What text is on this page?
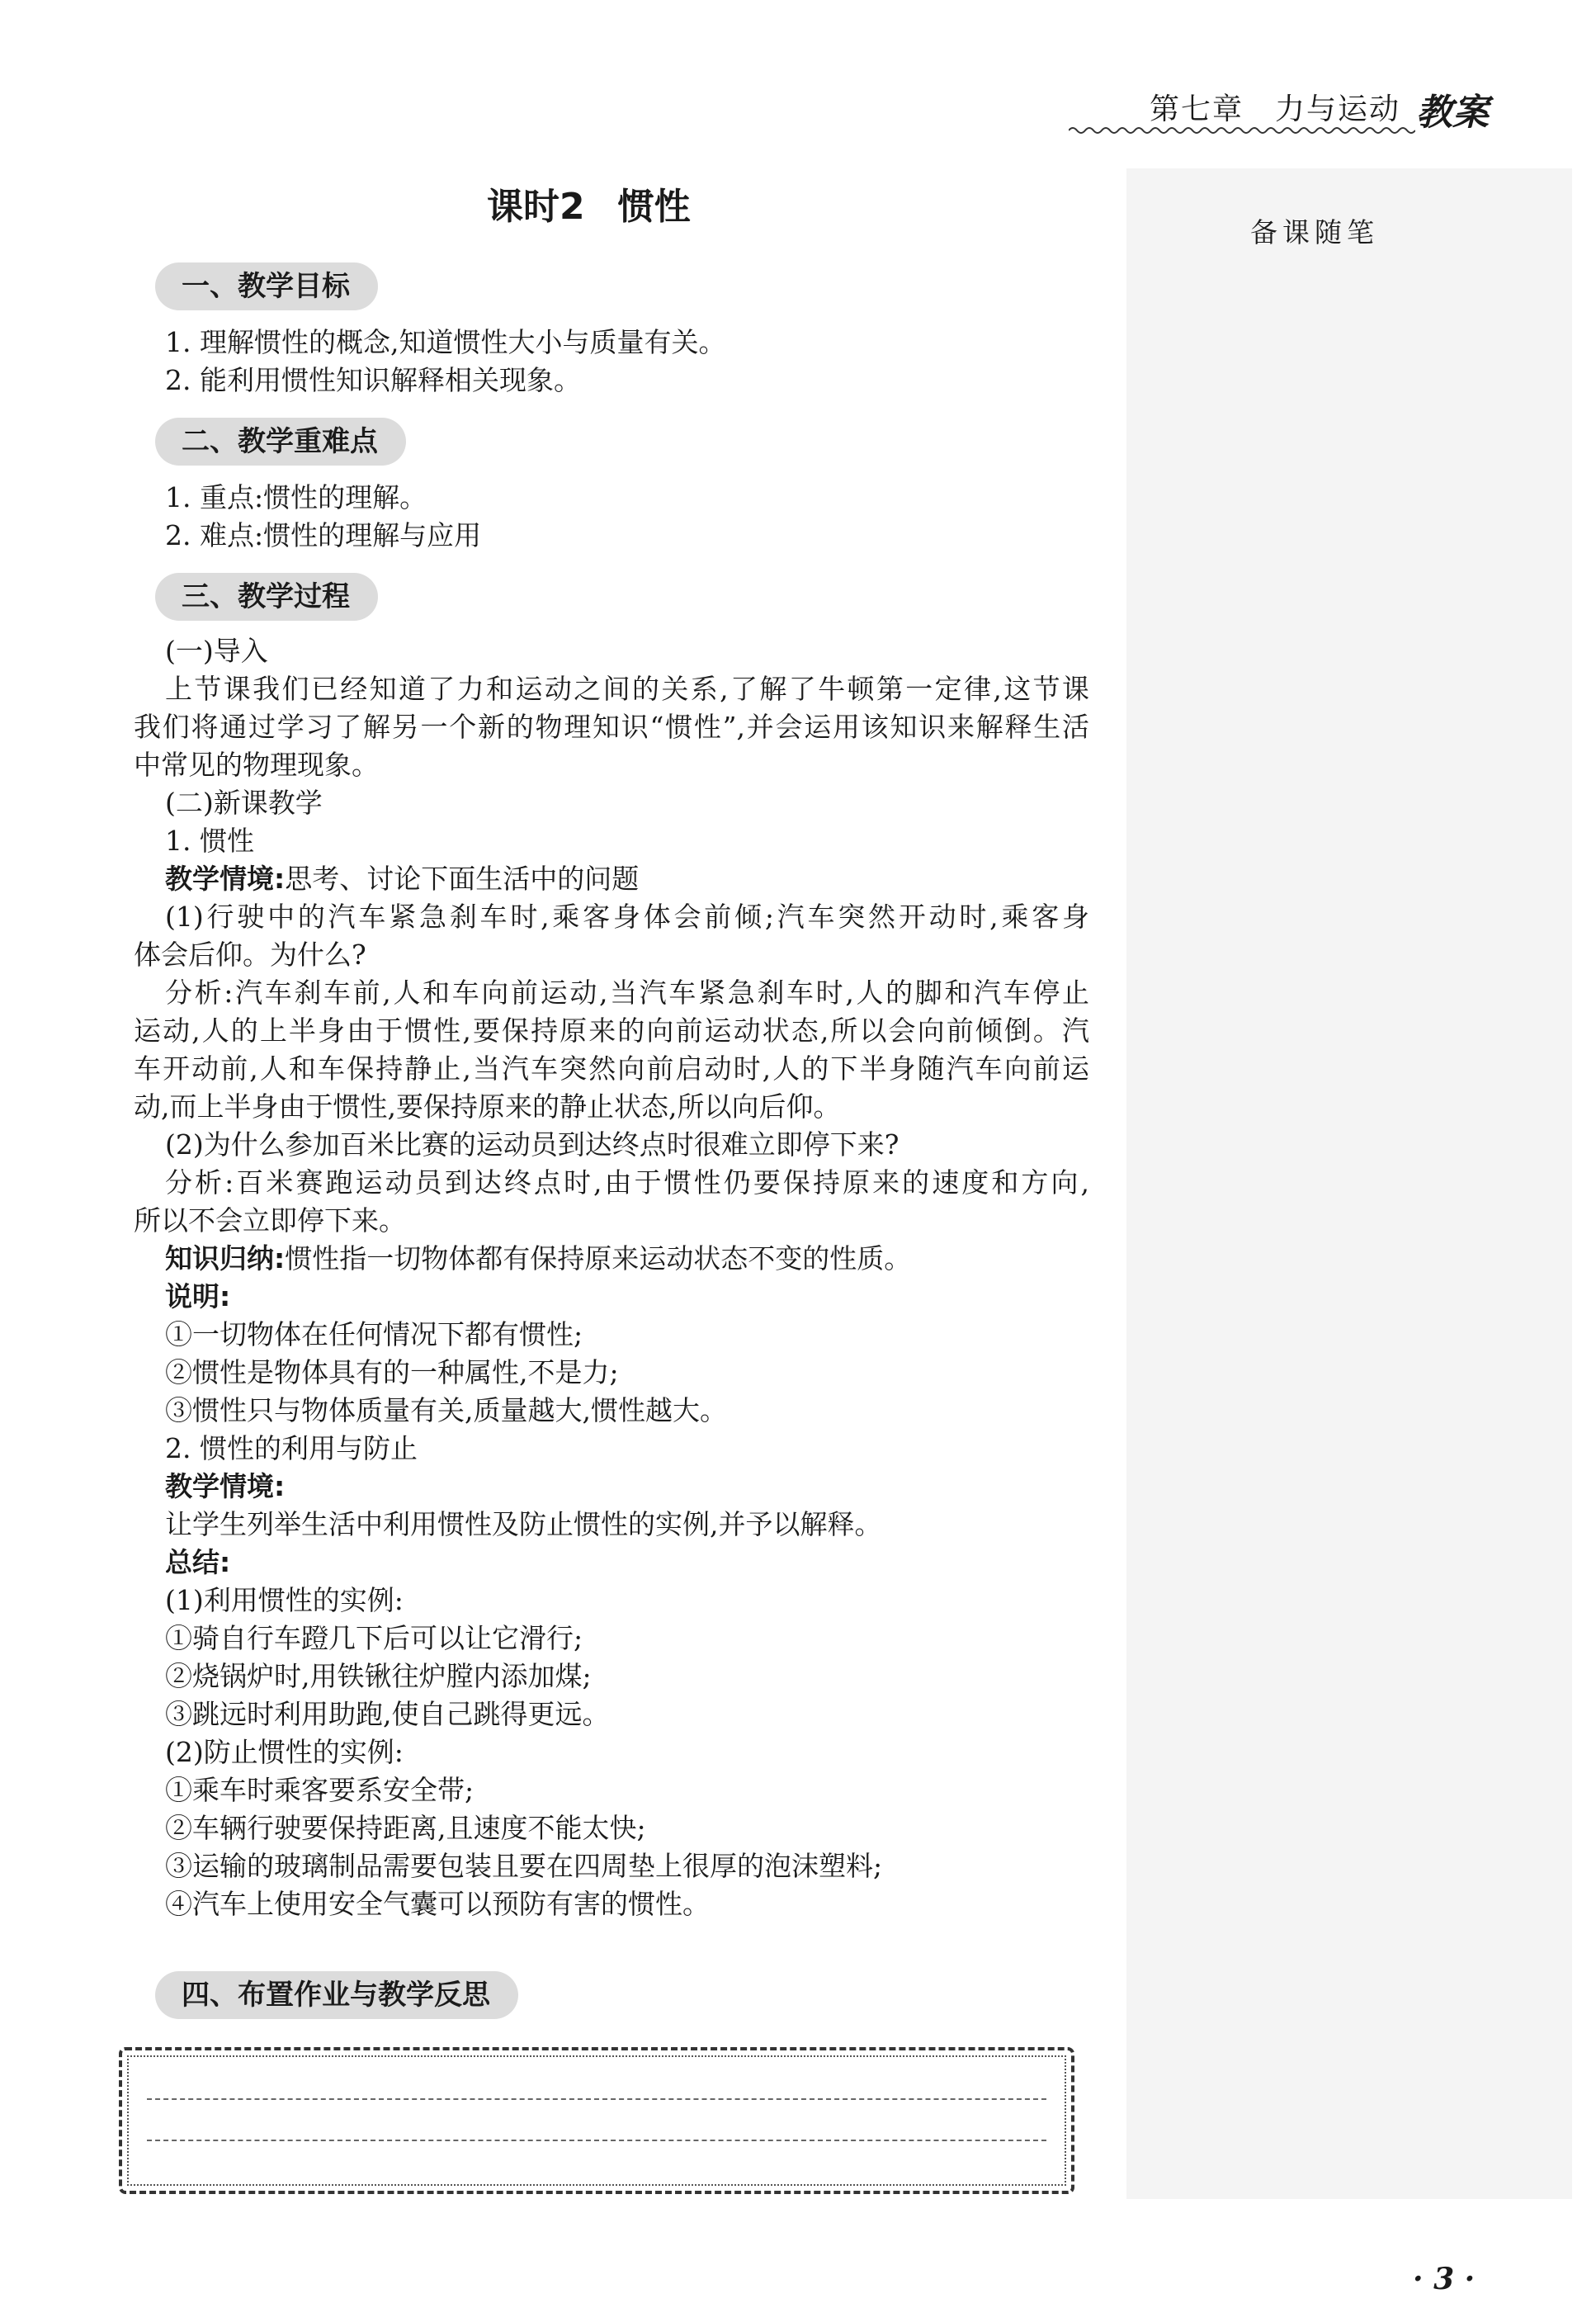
第七章　力与运动 教案
备课随笔
课时2 惯性
一、教学目标
1. 理解惯性的概念,知道惯性大小与质量有关。
2. 能利用惯性知识解释相关现象。
二、教学重难点
1. 重点:惯性的理解。
2. 难点:惯性的理解与应用
三、教学过程
(一)导入
上节课我们已经知道了力和运动之间的关系,了解了牛顿第一定律,这节课
我们将通过学习了解另一个新的物理知识“惯性”,并会运用该知识来解释生活
中常见的物理现象。
(二)新课教学
1. 惯性
教学情境:思考、讨论下面生活中的问题
(1)行驶中的汽车紧急刹车时,乘客身体会前倾;汽车突然开动时,乘客身
体会后仰。为什么?
分析:汽车刹车前,人和车向前运动,当汽车紧急刹车时,人的脚和汽车停止
运动,人的上半身由于惯性,要保持原来的向前运动状态,所以会向前倾倒。汽
车开动前,人和车保持静止,当汽车突然向前启动时,人的下半身随汽车向前运
动,而上半身由于惯性,要保持原来的静止状态,所以向后仰。
(2)为什么参加百米比赛的运动员到达终点时很难立即停下来?
分析:百米赛跑运动员到达终点时,由于惯性仍要保持原来的速度和方向,
所以不会立即停下来。
知识归纳:惯性指一切物体都有保持原来运动状态不变的性质。
说明:
①一切物体在任何情况下都有惯性;
②惯性是物体具有的一种属性,不是力;
③惯性只与物体质量有关,质量越大,惯性越大。
2. 惯性的利用与防止
教学情境:
让学生列举生活中利用惯性及防止惯性的实例,并予以解释。
总结:
(1)利用惯性的实例:
①骑自行车蹬几下后可以让它滑行;
②烧锅炉时,用铁锹往炉膛内添加煤;
③跳远时利用助跑,使自己跳得更远。
(2)防止惯性的实例:
①乘车时乘客要系安全带;
②车辆行驶要保持距离,且速度不能太快;
③运输的玻璃制品需要包装且要在四周垫上很厚的泡沫塑料;
④汽车上使用安全气囊可以预防有害的惯性。
四、布置作业与教学反思
· 3 ·
